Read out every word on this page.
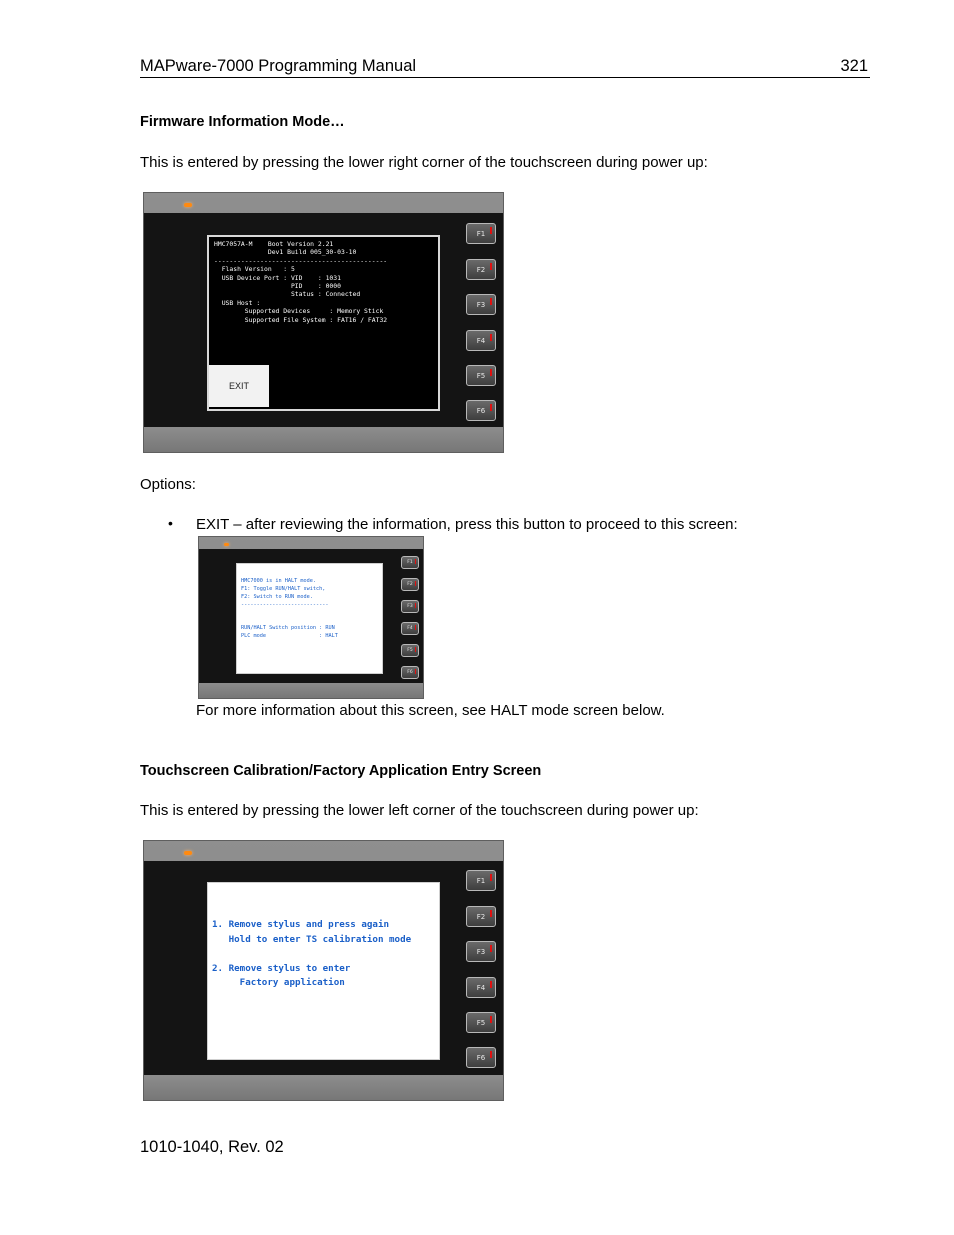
MAPware-7000 Programming Manual	321
Firmware Information Mode…
This is entered by pressing the lower right corner of the touchscreen during power up:
HMC7057A-M    Boot Version 2.21
Dev1 Build 005_30-03-10
---------------------------------------------
Flash Version   : 5
USB Device Port : VID    : 1031
PID    : 0000
Status : Connected
USB Host :
Supported Devices     : Memory Stick
Supported File System : FAT16 / FAT32
EXIT
F1
F2
F3
F4
F5
F6
Options:
• EXIT – after reviewing the information, press this button to proceed to this screen:
HMC7000 is in HALT mode.
F1: Toggle RUN/HALT switch,
F2: Switch to RUN mode.
----------------------------

RUN/HALT Switch position : RUN
PLC mode                 : HALT
F1
F2
F3
F4
F5
F6
For more information about this screen, see HALT mode screen below.
Touchscreen Calibration/Factory Application Entry Screen
This is entered by pressing the lower left corner of the touchscreen during power up:
1. Remove stylus and press again
Hold to enter TS calibration mode

2. Remove stylus to enter
Factory application
F1
F2
F3
F4
F5
F6
1010-1040, Rev. 02
